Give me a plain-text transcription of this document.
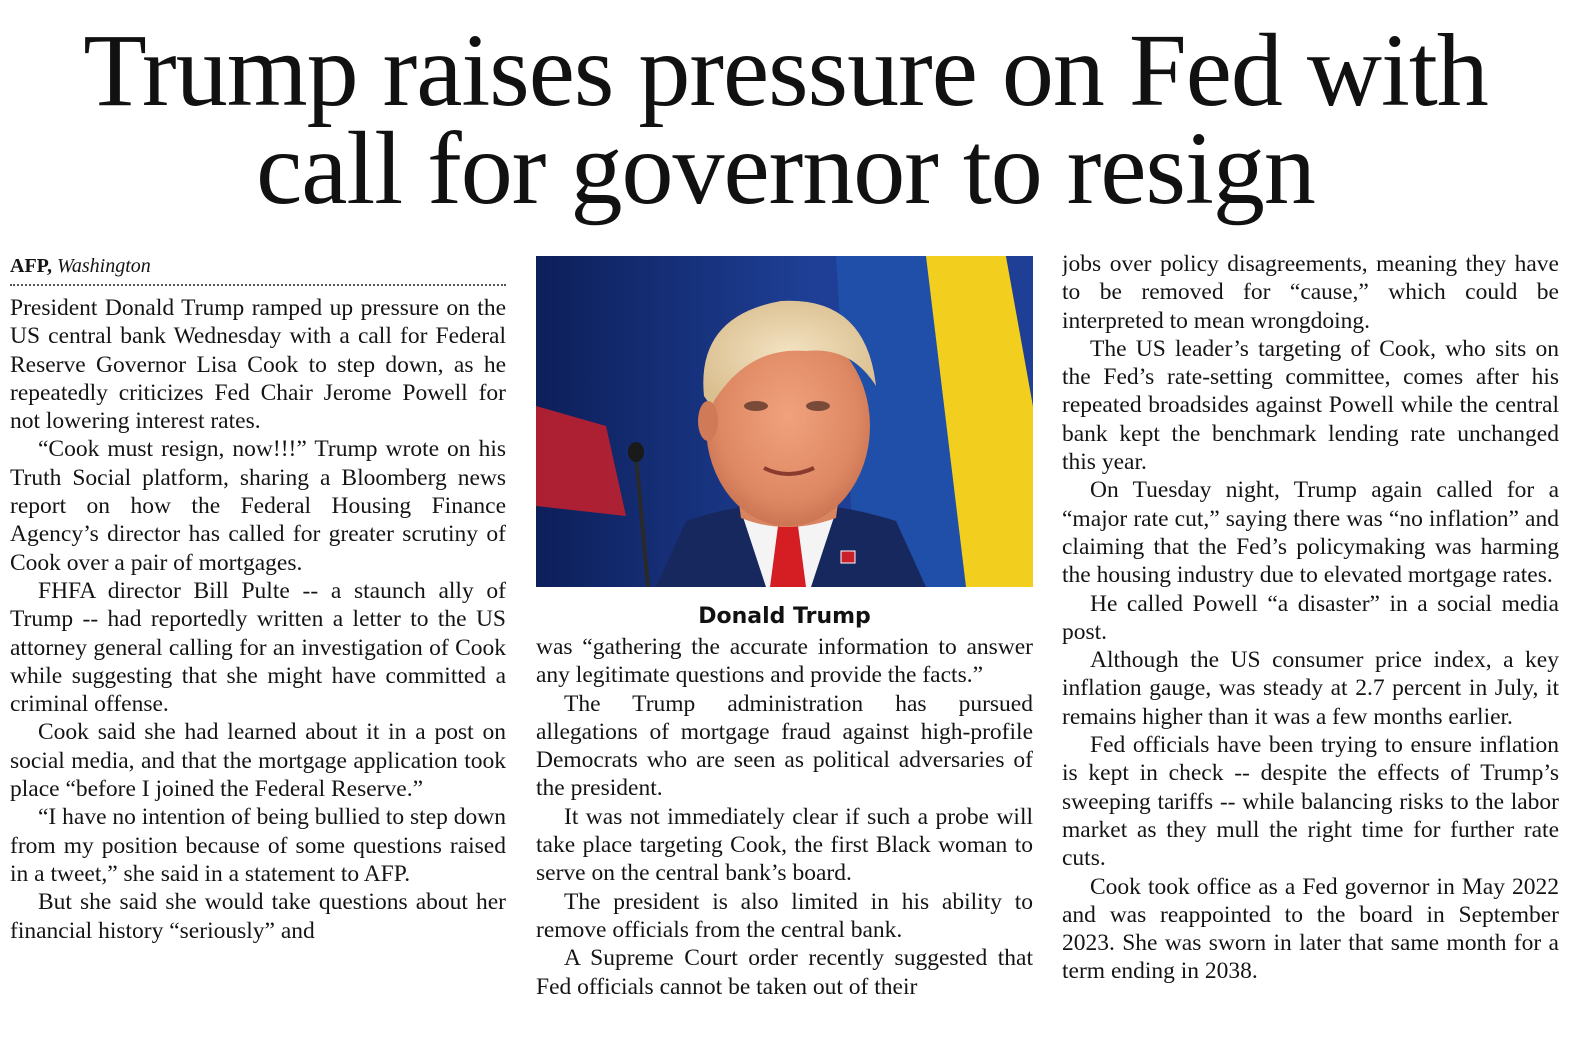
Trump raises pressure on Fed with
call for governor to resign
AFP, Washington

President Donald Trump ramped up pressure on the US central bank Wednesday with a call for Federal Reserve Governor Lisa Cook to step down, as he repeatedly criticizes Fed Chair Jerome Powell for not lowering interest rates.

“Cook must resign, now!!!” Trump wrote on his Truth Social platform, sharing a Bloomberg news report on how the Federal Housing Finance Agency’s director has called for greater scrutiny of Cook over a pair of mortgages.

FHFA director Bill Pulte -- a staunch ally of Trump -- had reportedly written a letter to the US attorney general calling for an investigation of Cook while suggesting that she might have committed a criminal offense.

Cook said she had learned about it in a post on social media, and that the mortgage application took place “before I joined the Federal Reserve.”

“I have no intention of being bullied to step down from my position because of some questions raised in a tweet,” she said in a statement to AFP.

But she said she would take questions about her financial history “seriously” and

Donald Trump

was “gathering the accurate information to answer any legitimate questions and provide the facts.”

The Trump administration has pursued allegations of mortgage fraud against high-profile Democrats who are seen as political adversaries of the president.

It was not immediately clear if such a probe will take place targeting Cook, the first Black woman to serve on the central bank’s board.

The president is also limited in his ability to remove officials from the central bank.

A Supreme Court order recently suggested that Fed officials cannot be taken out of their

jobs over policy disagreements, meaning they have to be removed for “cause,” which could be interpreted to mean wrongdoing.

The US leader’s targeting of Cook, who sits on the Fed’s rate-setting committee, comes after his repeated broadsides against Powell while the central bank kept the benchmark lending rate unchanged this year.

On Tuesday night, Trump again called for a “major rate cut,” saying there was “no inflation” and claiming that the Fed’s policymaking was harming the housing industry due to elevated mortgage rates.

He called Powell “a disaster” in a social media post.

Although the US consumer price index, a key inflation gauge, was steady at 2.7 percent in July, it remains higher than it was a few months earlier.

Fed officials have been trying to ensure inflation is kept in check -- despite the effects of Trump’s sweeping tariffs -- while balancing risks to the labor market as they mull the right time for further rate cuts.

Cook took office as a Fed governor in May 2022 and was reappointed to the board in September 2023. She was sworn in later that same month for a term ending in 2038.
